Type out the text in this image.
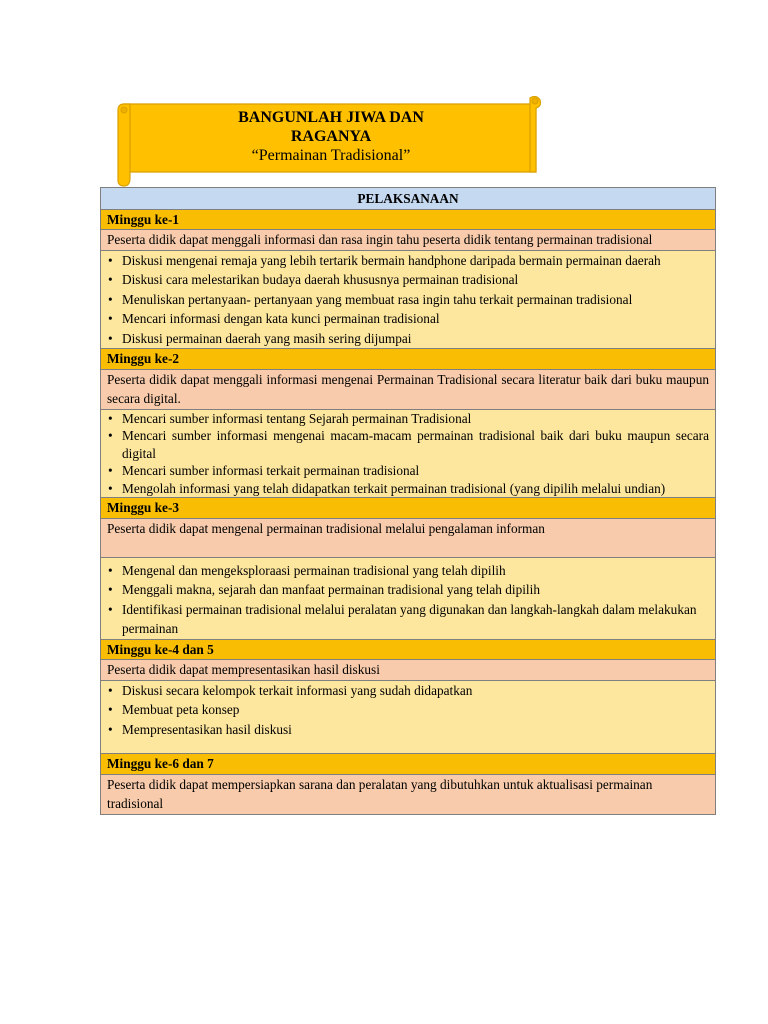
BANGUNLAH JIWA DAN RAGANYA
“Permainan Tradisional”
PELAKSANAAN
Minggu ke-1
Peserta didik dapat menggali informasi dan rasa ingin tahu peserta didik tentang permainan tradisional

• Diskusi mengenai remaja yang lebih tertarik bermain handphone daripada bermain permainan daerah
• Diskusi cara melestarikan budaya daerah khususnya permainan tradisional
• Menuliskan pertanyaan- pertanyaan yang membuat rasa ingin tahu terkait permainan tradisional
• Mencari informasi dengan kata kunci permainan tradisional
• Diskusi permainan daerah yang masih sering dijumpai

Minggu ke-2
Peserta didik dapat menggali informasi mengenai Permainan Tradisional secara literatur baik dari buku maupun secara digital.

• Mencari sumber informasi tentang Sejarah permainan Tradisional
• Mencari sumber informasi mengenai macam-macam permainan tradisional baik dari buku maupun secara digital
• Mencari sumber informasi terkait permainan tradisional
• Mengolah informasi yang telah didapatkan terkait permainan tradisional (yang dipilih melalui undian)

Minggu ke-3
Peserta didik dapat mengenal permainan tradisional melalui pengalaman informan

• Mengenal dan mengeksploraasi permainan tradisional yang telah dipilih
• Menggali makna, sejarah dan manfaat permainan tradisional yang telah dipilih
• Identifikasi permainan tradisional melalui peralatan yang digunakan dan langkah-langkah dalam melakukan permainan

Minggu ke-4 dan 5
Peserta didik dapat mempresentasikan hasil diskusi

• Diskusi secara kelompok terkait informasi yang sudah didapatkan
• Membuat peta konsep
• Mempresentasikan hasil diskusi

Minggu ke-6 dan 7
Peserta didik dapat mempersiapkan sarana dan peralatan yang dibutuhkan untuk aktualisasi permainan tradisional
